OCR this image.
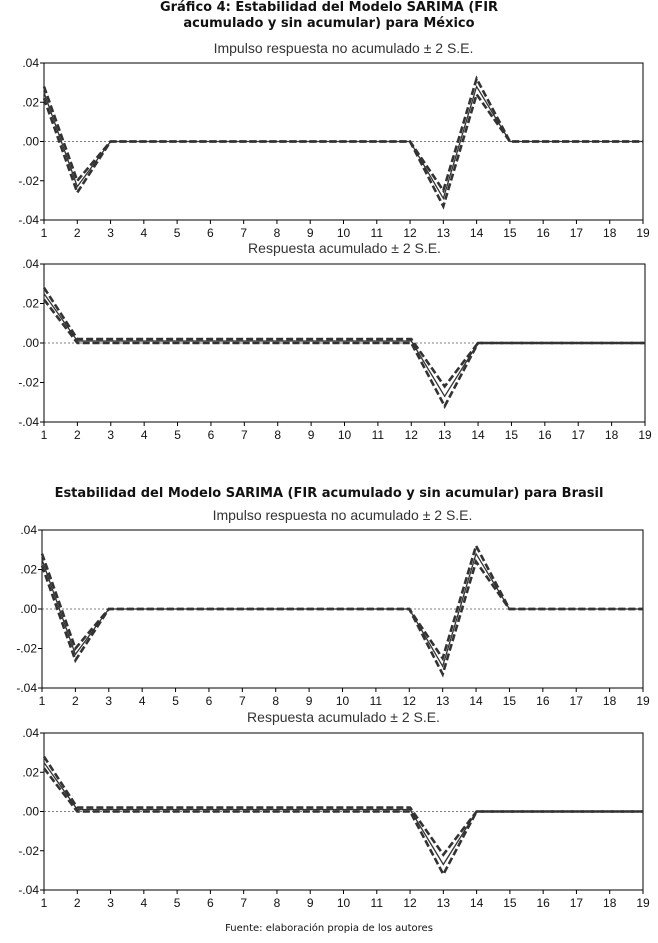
Gráfico 4: Estabilidad del Modelo SARIMA (FIR
acumulado y sin acumular) para México
Estabilidad del Modelo SARIMA (FIR acumulado y sin acumular) para Brasil
Impulso respuesta no acumulado ± 2 S.E.
.04
.02
.00
-.02
-.04
1 2 3 4 5 6 7 8 9 10 11 12 13 14 15 16 17 18 19
Respuesta acumulado ± 2 S.E.
.04
.02
.00
-.02
-.04
1 2 3 4 5 6 7 8 9 10 11 12 13 14 15 16 17 18 19
Impulso respuesta no acumulado ± 2 S.E.
.04
.02
.00
-.02
-.04
1 2 3 4 5 6 7 8 9 10 11 12 13 14 15 16 17 18 19
Respuesta acumulado ± 2 S.E.
.04
.02
.00
-.02
-.04
1 2 3 4 5 6 7 8 9 10 11 12 13 14 15 16 17 18 19
Fuente: elaboración propia de los autores
